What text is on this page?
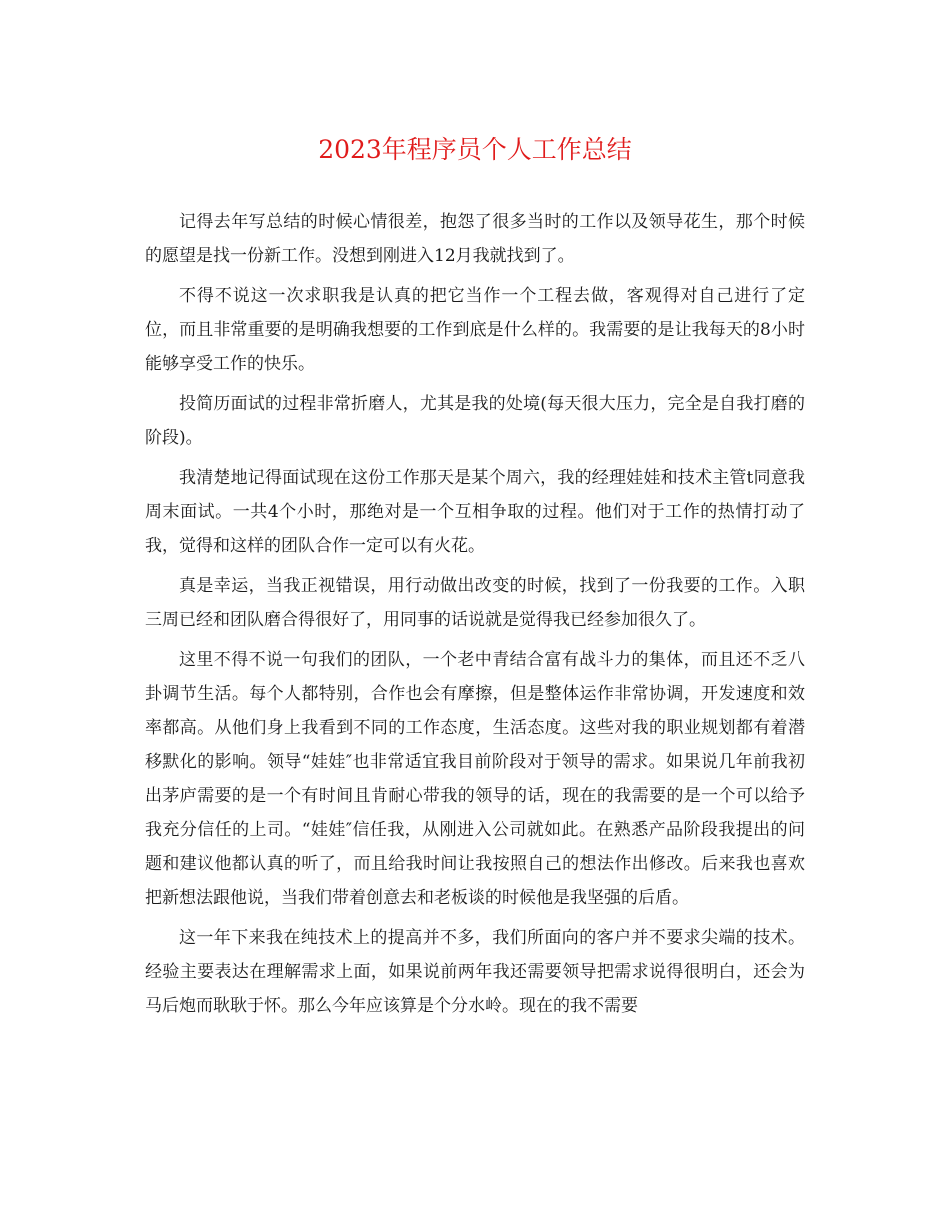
2023年程序员个人工作总结

记得去年写总结的时候心情很差，抱怨了很多当时的工作以及领导花生，那个时候的愿望是找一份新工作。没想到刚进入12月我就找到了。

不得不说这一次求职我是认真的把它当作一个工程去做，客观得对自己进行了定位，而且非常重要的是明确我想要的工作到底是什么样的。我需要的是让我每天的8小时能够享受工作的快乐。

投简历面试的过程非常折磨人，尤其是我的处境(每天很大压力，完全是自我打磨的阶段)。

我清楚地记得面试现在这份工作那天是某个周六，我的经理娃娃和技术主管t同意我周末面试。一共4个小时，那绝对是一个互相争取的过程。他们对于工作的热情打动了我，觉得和这样的团队合作一定可以有火花。

真是幸运，当我正视错误，用行动做出改变的时候，找到了一份我要的工作。入职三周已经和团队磨合得很好了，用同事的话说就是觉得我已经参加很久了。

这里不得不说一句我们的团队，一个老中青结合富有战斗力的集体，而且还不乏八卦调节生活。每个人都特别，合作也会有摩擦，但是整体运作非常协调，开发速度和效率都高。从他们身上我看到不同的工作态度，生活态度。这些对我的职业规划都有着潜移默化的影响。领导“娃娃″也非常适宜我目前阶段对于领导的需求。如果说几年前我初出茅庐需要的是一个有时间且肯耐心带我的领导的话，现在的我需要的是一个可以给予我充分信任的上司。“娃娃″信任我，从刚进入公司就如此。在熟悉产品阶段我提出的问题和建议他都认真的听了，而且给我时间让我按照自己的想法作出修改。后来我也喜欢把新想法跟他说，当我们带着创意去和老板谈的时候他是我坚强的后盾。

这一年下来我在纯技术上的提高并不多，我们所面向的客户并不要求尖端的技术。经验主要表达在理解需求上面，如果说前两年我还需要领导把需求说得很明白，还会为马后炮而耿耿于怀。那么今年应该算是个分水岭。现在的我不需要
